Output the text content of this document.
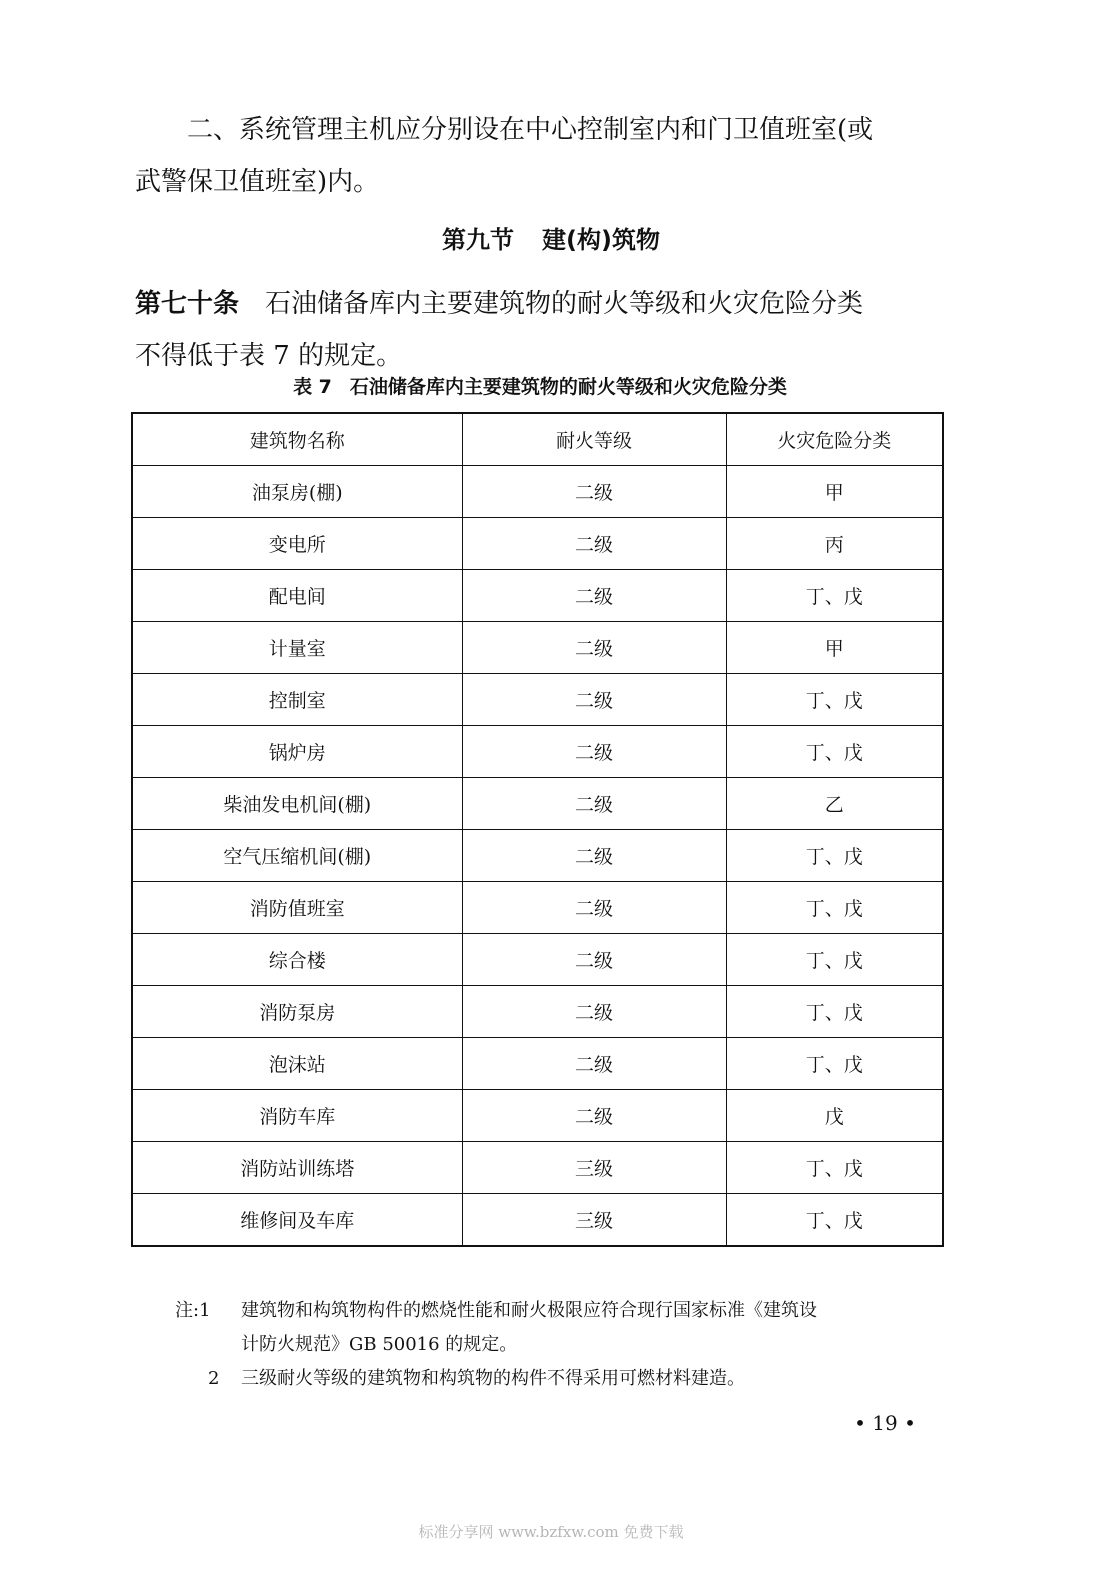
二、系统管理主机应分别设在中心控制室内和门卫值班室(或
武警保卫值班室)内。

第九节 建(构)筑物

第七十条 石油储备库内主要建筑物的耐火等级和火灾危险分类
不得低于表 7 的规定。

表 7 石油储备库内主要建筑物的耐火等级和火灾危险分类

建筑物名称	耐火等级	火灾危险分类
油泵房(棚)	二级	甲
变电所	二级	丙
配电间	二级	丁、戊
计量室	二级	甲
控制室	二级	丁、戊
锅炉房	二级	丁、戊
柴油发电机间(棚)	二级	乙
空气压缩机间(棚)	二级	丁、戊
消防值班室	二级	丁、戊
综合楼	二级	丁、戊
消防泵房	二级	丁、戊
泡沫站	二级	丁、戊
消防车库	二级	戊
消防站训练塔	三级	丁、戊
维修间及车库	三级	丁、戊
注:1 建筑物和构筑物构件的燃烧性能和耐火极限应符合现行国家标准《建筑设
计防火规范》GB 50016 的规定。
2 三级耐火等级的建筑物和构筑物的构件不得采用可燃材料建造。
• 19 •
标准分享网 www.bzfxw.com 免费下载
